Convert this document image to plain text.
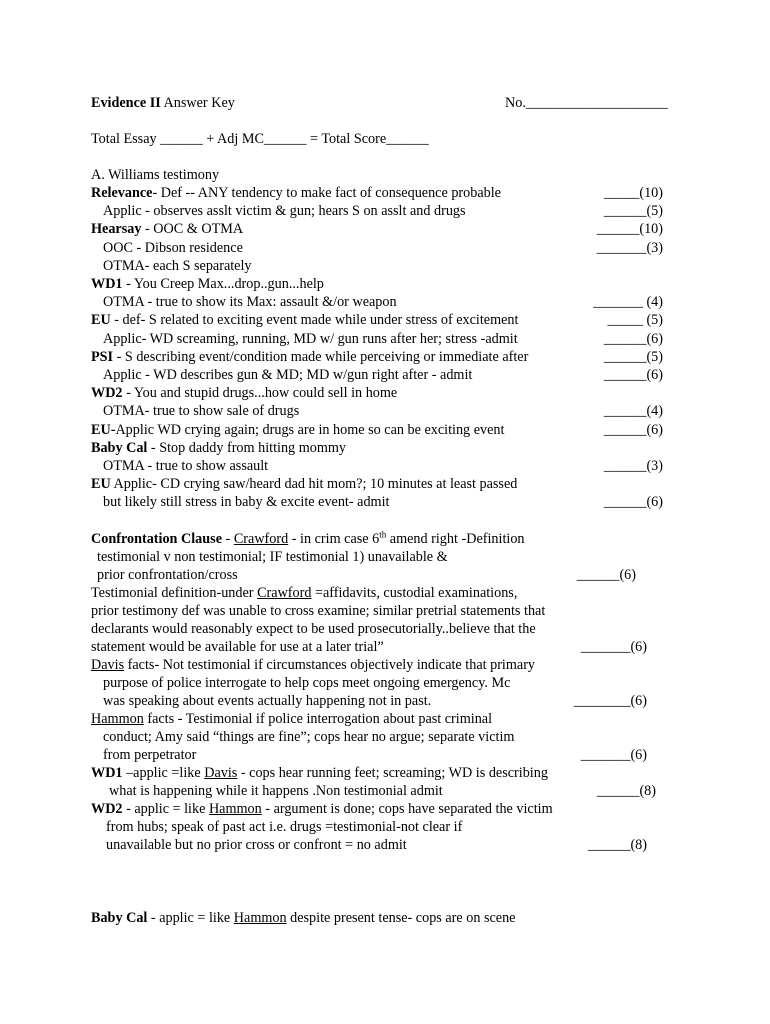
Evidence II Answer Key	No.____________________
Total Essay ______ + Adj MC______ = Total Score______
A. Williams testimony
Relevance- Def -- ANY tendency to make fact of consequence probable	_____(10)
Applic - observes asslt victim & gun; hears S on asslt and drugs	______(5)
Hearsay - OOC & OTMA	______(10)
OOC - Dibson residence	_______(3)
OTMA- each S separately
WD1 - You Creep Max...drop..gun...help
OTMA - true to show its Max: assault &/or weapon	_______ (4)
EU - def- S related to exciting event made while under stress of excitement	_____ (5)
Applic- WD screaming, running, MD w/ gun runs after her; stress -admit	______(6)
PSI - S describing event/condition made while perceiving or immediate after	______(5)
Applic - WD describes gun & MD; MD w/gun right after - admit	______(6)
WD2 - You and stupid drugs...how could sell in home
OTMA- true to show sale of drugs	______(4)
EU-Applic WD crying again; drugs are in home so can be exciting event	______(6)
Baby Cal - Stop daddy from hitting mommy
OTMA - true to show assault	______(3)
EU Applic- CD crying saw/heard dad hit mom?; 10 minutes at least passed
but likely still stress in baby & excite event- admit	______(6)
Confrontation Clause - Crawford - in crim case 6th amend right -Definition
testimonial v non testimonial; IF testimonial 1) unavailable &
prior confrontation/cross	______(6)
Testimonial definition-under Crawford =affidavits, custodial examinations,
prior testimony def was unable to cross examine; similar pretrial statements that
declarants would reasonably expect to be used prosecutorially..believe that the
statement would be available for use at a later trial”	_______(6)
Davis facts- Not testimonial if circumstances objectively indicate that primary
purpose of police interrogate to help cops meet ongoing emergency. Mc
was speaking about events actually happening not in past.	________(6)
Hammon facts - Testimonial if police interrogation about past criminal
conduct; Amy said “things are fine”; cops hear no argue; separate victim
from perpetrator	_______(6)
WD1 –applic =like Davis - cops hear running feet; screaming; WD is describing
what is happening while it happens .Non testimonial admit	______(8)
WD2 - applic = like Hammon - argument is done; cops have separated the victim
from hubs; speak of past act i.e. drugs =testimonial-not clear if
unavailable but no prior cross or confront = no admit	______(8)
Baby Cal - applic = like Hammon despite present tense- cops are on scene
